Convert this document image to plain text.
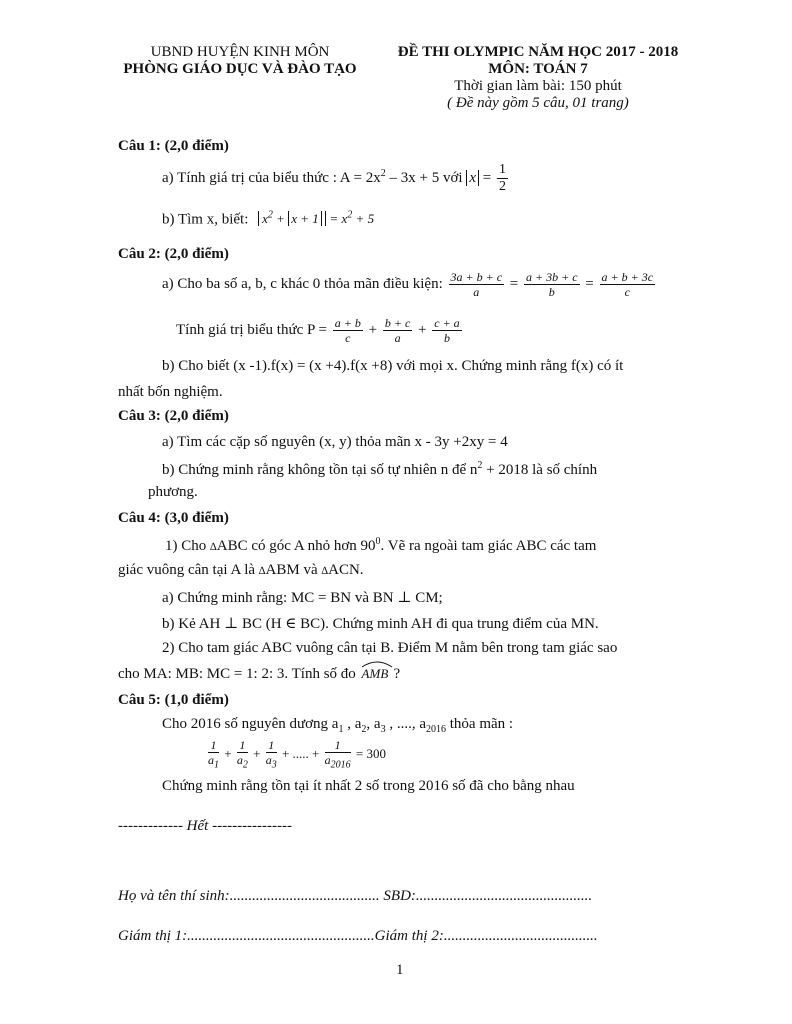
UBND HUYỆN KINH MÔN
PHÒNG GIÁO DỤC VÀ ĐÀO TẠO
ĐỀ THI OLYMPIC NĂM HỌC 2017 - 2018
MÔN: TOÁN 7
Thời gian làm bài: 150 phút
( Đề này gồm 5 câu, 01 trang)
Câu 1: (2,0 điểm)
a) Tính giá trị của biểu thức : $A = 2x^2 - 3x + 5$ với $x = \frac{1}{2}$
b) Tìm x, biết: $x^2 + x + 1 = x^2 + 5$
Câu 2: (2,0 điểm)
a) Cho ba số a, b, c khác 0 thỏa mãn điều kiện: $\frac{3a + b + c}{a} = \frac{a + 3b + c}{b} = \frac{a + b + 3c}{c}$
Tính giá trị biểu thức $P = \frac{a + b}{c} + \frac{b + c}{a} + \frac{c + a}{b}$
b) Cho biết (x -1).f(x) = (x +4).f(x +8) với mọi x. Chứng minh rằng f(x) có ít
nhất bốn nghiệm.
Câu 3: (2,0 điểm)
a) Tìm các cặp số nguyên (x, y) thỏa mãn x - 3y +2xy = 4
b) Chứng minh rằng không tồn tại số tự nhiên n để $n^2 + 2018$ là số chính
phương.
Câu 4: (3,0 điểm)
1) Cho ∆ABC có góc A nhỏ hơn $90^0$. Vẽ ra ngoài tam giác ABC các tam
giác vuông cân tại A là ∆ABM và ∆ACN.
a) Chứng minh rằng: MC = BN và BN ⊥ CM;
b) Kẻ AH ⊥ BC (H ∈ BC). Chứng minh AH đi qua trung điểm của MN.
2) Cho tam giác ABC vuông cân tại B. Điểm M nằm bên trong tam giác sao
cho MA: MB: MC = 1: 2: 3. Tính số đo AMB ?
Câu 5: (1,0 điểm)
Cho 2016 số nguyên dương $a_1$ , $a_2$, $a_3$ , ...., $a_{2016}$ thỏa mãn :
$\frac{1}{a_1} + \frac{1}{a_2} + \frac{1}{a_3}$ + ..... + $\frac{1}{a_{2016}} = 300$
Chứng minh rằng tồn tại ít nhất 2 số trong 2016 số đã cho bằng nhau
------------- Hết ----------------
Họ và tên thí sinh:........................................ SBD:...............................................
Giám thị 1:..................................................Giám thị 2:.........................................
1
